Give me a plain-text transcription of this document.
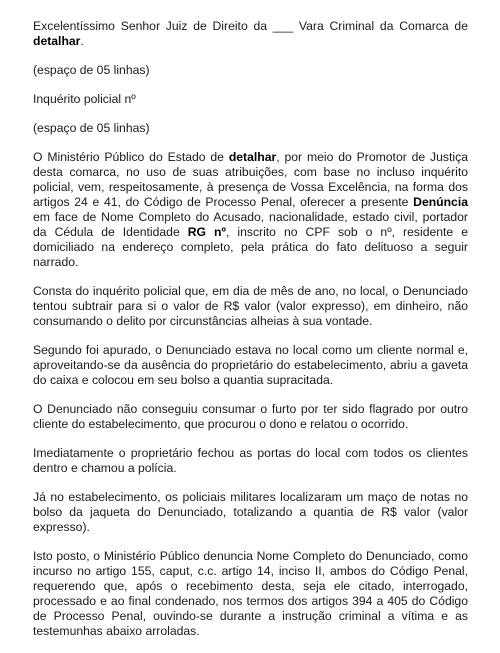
Excelentíssimo Senhor Juiz de Direito da ___ Vara Criminal da Comarca de detalhar.

(espaço de 05 linhas)

Inquérito policial nº

(espaço de 05 linhas)

O Ministério Público do Estado de detalhar, por meio do Promotor de Justiça desta comarca, no uso de suas atribuições, com base no incluso inquérito policial, vem, respeitosamente, à presença de Vossa Excelência, na forma dos artigos 24 e 41, do Código de Processo Penal, oferecer a presente Denúncia em face de Nome Completo do Acusado, nacionalidade, estado civil, portador da Cédula de Identidade RG nº, inscrito no CPF sob o nº, residente e domiciliado na endereço completo, pela prática do fato delituoso a seguir narrado.

Consta do inquérito policial que, em dia de mês de ano, no local, o Denunciado tentou subtrair para si o valor de R$ valor (valor expresso), em dinheiro, não consumando o delito por circunstâncias alheias à sua vontade.

Segundo foi apurado, o Denunciado estava no local como um cliente normal e, aproveitando-se da ausência do proprietário do estabelecimento, abriu a gaveta do caixa e colocou em seu bolso a quantia supracitada.

O Denunciado não conseguiu consumar o furto por ter sido flagrado por outro cliente do estabelecimento, que procurou o dono e relatou o ocorrido.

Imediatamente o proprietário fechou as portas do local com todos os clientes dentro e chamou a polícia.

Já no estabelecimento, os policiais militares localizaram um maço de notas no bolso da jaqueta do Denunciado, totalizando a quantia de R$ valor (valor expresso).

Isto posto, o Ministério Público denuncia Nome Completo do Denunciado, como incurso no artigo 155, caput, c.c. artigo 14, inciso II, ambos do Código Penal, requerendo que, após o recebimento desta, seja ele citado, interrogado, processado e ao final condenado, nos termos dos artigos 394 a 405 do Código de Processo Penal, ouvindo-se durante a instrução criminal a vítima e as testemunhas abaixo arroladas.
